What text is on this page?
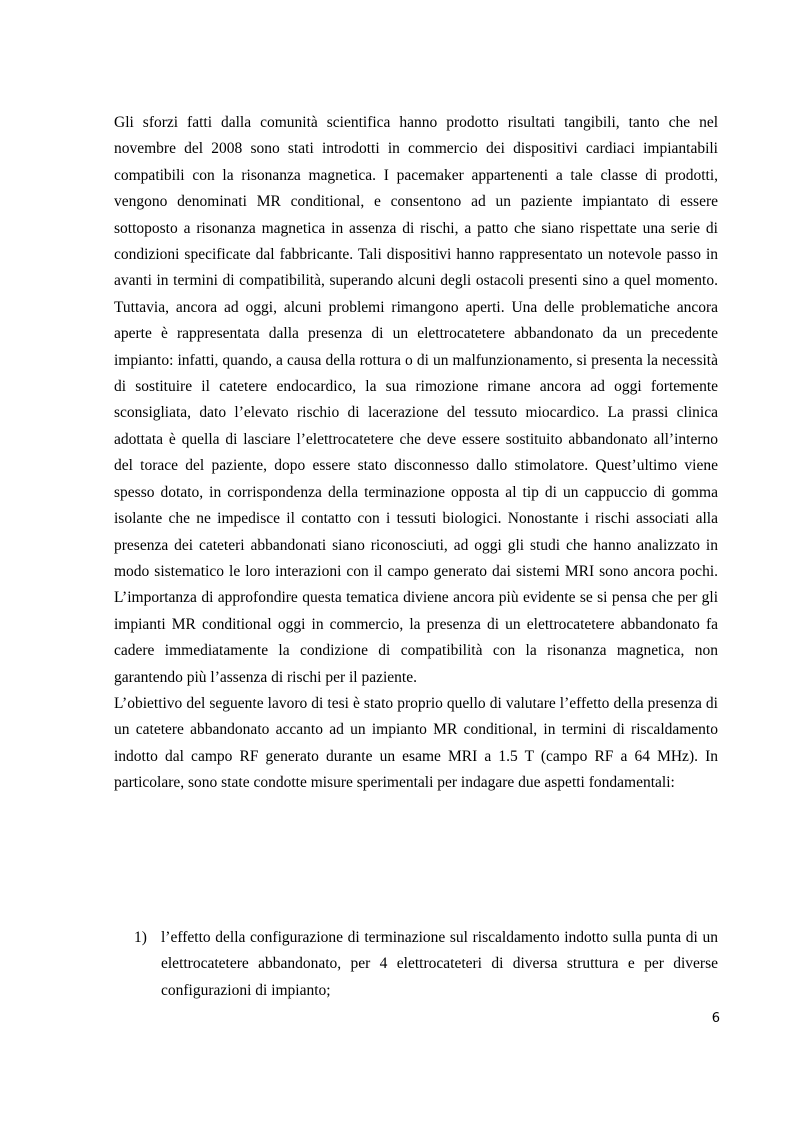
Gli sforzi fatti dalla comunità scientifica hanno prodotto risultati tangibili, tanto che nel novembre del 2008 sono stati introdotti in commercio dei dispositivi cardiaci impiantabili compatibili con la risonanza magnetica. I pacemaker appartenenti a tale classe di prodotti, vengono denominati MR conditional, e consentono ad un paziente impiantato di essere sottoposto a risonanza magnetica in assenza di rischi, a patto che siano rispettate una serie di condizioni specificate dal fabbricante. Tali dispositivi hanno rappresentato un notevole passo in avanti in termini di compatibilità, superando alcuni degli ostacoli presenti sino a quel momento. Tuttavia, ancora ad oggi, alcuni problemi rimangono aperti. Una delle problematiche ancora aperte è rappresentata dalla presenza di un elettrocatetere abbandonato da un precedente impianto: infatti, quando, a causa della rottura o di un malfunzionamento, si presenta la necessità di sostituire il catetere endocardico, la sua rimozione rimane ancora ad oggi fortemente sconsigliata, dato l’elevato rischio di lacerazione del tessuto miocardico. La prassi clinica adottata è quella di lasciare l’elettrocatetere che deve essere sostituito abbandonato all’interno del torace del paziente, dopo essere stato disconnesso dallo stimolatore. Quest’ultimo viene spesso dotato, in corrispondenza della terminazione opposta al tip di un cappuccio di gomma isolante che ne impedisce il contatto con i tessuti biologici. Nonostante i rischi associati alla presenza dei cateteri abbandonati siano riconosciuti, ad oggi gli studi che hanno analizzato in modo sistematico le loro interazioni con il campo generato dai sistemi MRI sono ancora pochi. L’importanza di approfondire questa tematica diviene ancora più evidente se si pensa che per gli impianti MR conditional oggi in commercio, la presenza di un elettrocatetere abbandonato fa cadere immediatamente la condizione di compatibilità con la risonanza magnetica, non garantendo più l’assenza di rischi per il paziente.

L’obiettivo del seguente lavoro di tesi è stato proprio quello di valutare l’effetto della presenza di un catetere abbandonato accanto ad un impianto MR conditional, in termini di riscaldamento indotto dal campo RF generato durante un esame MRI a 1.5 T (campo RF a 64 MHz). In particolare, sono state condotte misure sperimentali per indagare due aspetti fondamentali:

1) l’effetto della configurazione di terminazione sul riscaldamento indotto sulla punta di un elettrocatetere abbandonato, per 4 elettrocateteri di diversa struttura e per diverse configurazioni di impianto;
6
